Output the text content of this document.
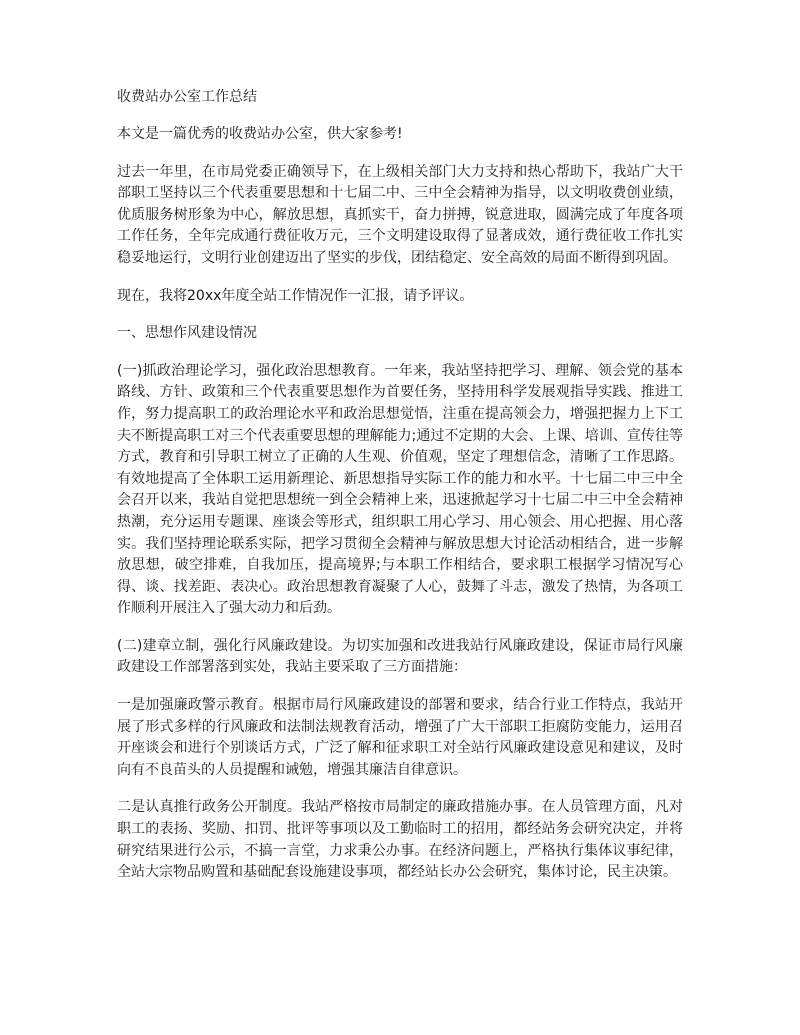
收费站办公室工作总结

本文是一篇优秀的收费站办公室，供大家参考!

过去一年里，在市局党委正确领导下，在上级相关部门大力支持和热心帮助下，我站广大干部职工坚持以三个代表重要思想和十七届二中、三中全会精神为指导，以文明收费创业绩，优质服务树形象为中心，解放思想，真抓实干，奋力拼搏，锐意进取，圆满完成了年度各项工作任务，全年完成通行费征收万元，三个文明建设取得了显著成效，通行费征收工作扎实稳妥地运行，文明行业创建迈出了坚实的步伐，团结稳定、安全高效的局面不断得到巩固。

现在，我将20xx年度全站工作情况作一汇报，请予评议。

一、思想作风建设情况

(一)抓政治理论学习，强化政治思想教育。一年来，我站坚持把学习、理解、领会党的基本路线、方针、政策和三个代表重要思想作为首要任务，坚持用科学发展观指导实践、推进工作，努力提高职工的政治理论水平和政治思想觉悟，注重在提高领会力，增强把握力上下工夫不断提高职工对三个代表重要思想的理解能力;通过不定期的大会、上课、培训、宣传往等方式，教育和引导职工树立了正确的人生观、价值观，坚定了理想信念，清晰了工作思路。有效地提高了全体职工运用新理论、新思想指导实际工作的能力和水平。十七届二中三中全会召开以来，我站自觉把思想统一到全会精神上来，迅速掀起学习十七届二中三中全会精神热潮，充分运用专题课、座谈会等形式，组织职工用心学习、用心领会、用心把握、用心落实。我们坚持理论联系实际，把学习贯彻全会精神与解放思想大讨论活动相结合，进一步解放思想，破空排难，自我加压，提高境界;与本职工作相结合，要求职工根据学习情况写心得、谈、找差距、表决心。政治思想教育凝聚了人心，鼓舞了斗志，激发了热情，为各项工作顺利开展注入了强大动力和后劲。

(二)建章立制，强化行风廉政建设。为切实加强和改进我站行风廉政建设，保证市局行风廉政建设工作部署落到实处，我站主要采取了三方面措施：

一是加强廉政警示教育。根据市局行风廉政建设的部署和要求，结合行业工作特点，我站开展了形式多样的行风廉政和法制法规教育活动，增强了广大干部职工拒腐防变能力，运用召开座谈会和进行个别谈话方式，广泛了解和征求职工对全站行风廉政建设意见和建议，及时向有不良苗头的人员提醒和诫勉，增强其廉洁自律意识。

二是认真推行政务公开制度。我站严格按市局制定的廉政措施办事。在人员管理方面，凡对职工的表扬、奖励、扣罚、批评等事项以及工勤临时工的招用，都经站务会研究决定，并将研究结果进行公示，不搞一言堂，力求秉公办事。在经济问题上，严格执行集体议事纪律，全站大宗物品购置和基础配套设施建设事项，都经站长办公会研究，集体讨论，民主决策。
